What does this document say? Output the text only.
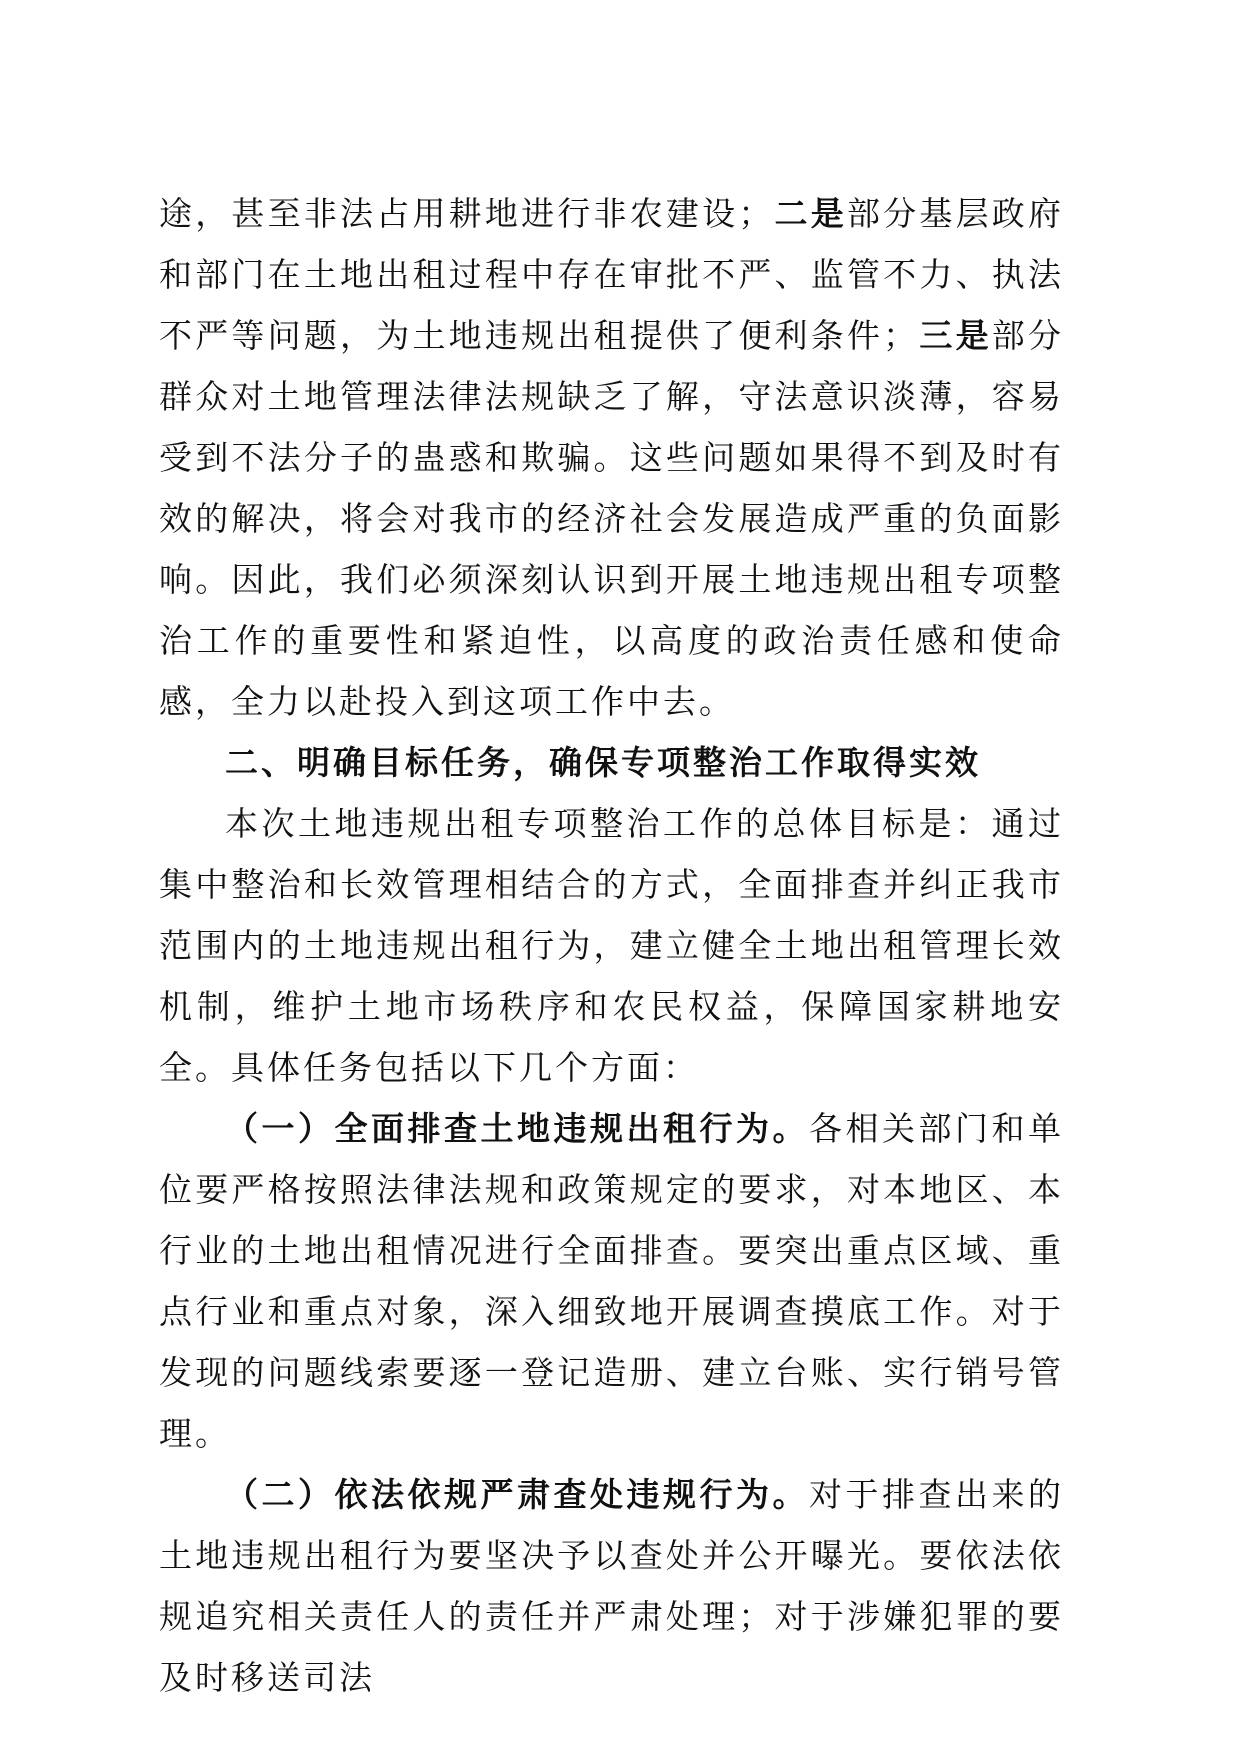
途，甚至非法占用耕地进行非农建设；二是部分基层政府和部门在土地出租过程中存在审批不严、监管不力、执法不严等问题，为土地违规出租提供了便利条件；三是部分群众对土地管理法律法规缺乏了解，守法意识淡薄，容易受到不法分子的蛊惑和欺骗。这些问题如果得不到及时有效的解决，将会对我市的经济社会发展造成严重的负面影响。因此，我们必须深刻认识到开展土地违规出租专项整治工作的重要性和紧迫性，以高度的政治责任感和使命感，全力以赴投入到这项工作中去。

二、明确目标任务，确保专项整治工作取得实效

本次土地违规出租专项整治工作的总体目标是：通过集中整治和长效管理相结合的方式，全面排查并纠正我市范围内的土地违规出租行为，建立健全土地出租管理长效机制，维护土地市场秩序和农民权益，保障国家耕地安全。具体任务包括以下几个方面：

（一）全面排查土地违规出租行为。各相关部门和单位要严格按照法律法规和政策规定的要求，对本地区、本行业的土地出租情况进行全面排查。要突出重点区域、重点行业和重点对象，深入细致地开展调查摸底工作。对于发现的问题线索要逐一登记造册、建立台账、实行销号管理。

（二）依法依规严肃查处违规行为。对于排查出来的土地违规出租行为要坚决予以查处并公开曝光。要依法依规追究相关责任人的责任并严肃处理；对于涉嫌犯罪的要及时移送司法
